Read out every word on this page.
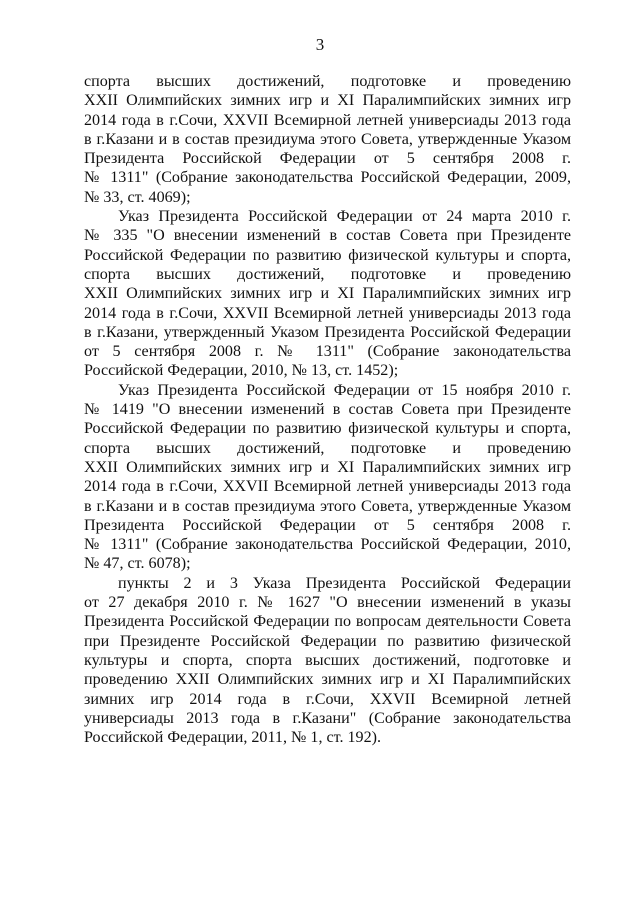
3
спорта высших достижений, подготовке и проведению
XXII Олимпийских зимних игр и XI Паралимпийских зимних игр
2014 года в г.Сочи, XXVII Всемирной летней универсиады 2013 года
в г.Казани и в состав президиума этого Совета, утвержденные Указом
Президента Российской Федерации от 5 сентября 2008 г.
№ 1311" (Собрание законодательства Российской Федерации, 2009,
№ 33, ст. 4069);
Указ Президента Российской Федерации от 24 марта 2010 г.
№ 335 "О внесении изменений в состав Совета при Президенте
Российской Федерации по развитию физической культуры и спорта,
спорта высших достижений, подготовке и проведению
XXII Олимпийских зимних игр и XI Паралимпийских зимних игр
2014 года в г.Сочи, XXVII Всемирной летней универсиады 2013 года
в г.Казани, утвержденный Указом Президента Российской Федерации
от 5 сентября 2008 г. № 1311" (Собрание законодательства
Российской Федерации, 2010, № 13, ст. 1452);
Указ Президента Российской Федерации от 15 ноября 2010 г.
№ 1419 "О внесении изменений в состав Совета при Президенте
Российской Федерации по развитию физической культуры и спорта,
спорта высших достижений, подготовке и проведению
XXII Олимпийских зимних игр и XI Паралимпийских зимних игр
2014 года в г.Сочи, XXVII Всемирной летней универсиады 2013 года
в г.Казани и в состав президиума этого Совета, утвержденные Указом
Президента Российской Федерации от 5 сентября 2008 г.
№ 1311" (Собрание законодательства Российской Федерации, 2010,
№ 47, ст. 6078);
пункты 2 и 3 Указа Президента Российской Федерации
от 27 декабря 2010 г. № 1627 "О внесении изменений в указы
Президента Российской Федерации по вопросам деятельности Совета
при Президенте Российской Федерации по развитию физической
культуры и спорта, спорта высших достижений, подготовке и
проведению XXII Олимпийских зимних игр и XI Паралимпийских
зимних игр 2014 года в г.Сочи, XXVII Всемирной летней
универсиады 2013 года в г.Казани" (Собрание законодательства
Российской Федерации, 2011, № 1, ст. 192).
